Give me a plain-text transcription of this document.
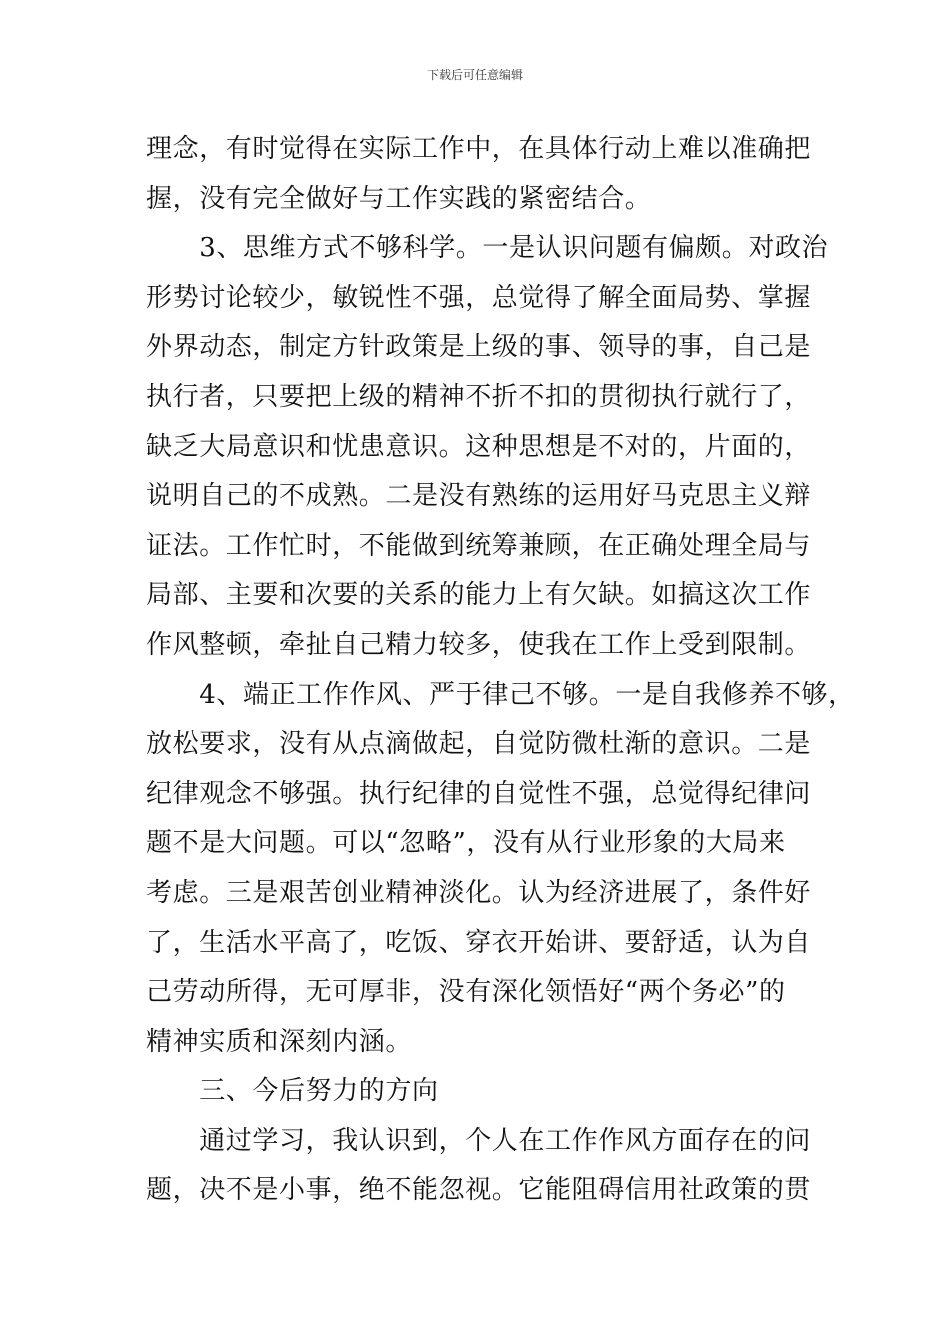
下载后可任意编辑
理念，有时觉得在实际工作中，在具体行动上难以准确把
握，没有完全做好与工作实践的紧密结合。
　　3、思维方式不够科学。一是认识问题有偏颇。对政治
形势讨论较少，敏锐性不强，总觉得了解全面局势、掌握
外界动态，制定方针政策是上级的事、领导的事，自己是
执行者，只要把上级的精神不折不扣的贯彻执行就行了，
缺乏大局意识和忧患意识。这种思想是不对的，片面的，
说明自己的不成熟。二是没有熟练的运用好马克思主义辩
证法。工作忙时，不能做到统筹兼顾，在正确处理全局与
局部、主要和次要的关系的能力上有欠缺。如搞这次工作
作风整顿，牵扯自己精力较多，使我在工作上受到限制。
　　4、端正工作作风、严于律己不够。一是自我修养不够，
放松要求，没有从点滴做起，自觉防微杜渐的意识。二是
纪律观念不够强。执行纪律的自觉性不强，总觉得纪律问
题不是大问题。可以“忽略”，没有从行业形象的大局来
考虑。三是艰苦创业精神淡化。认为经济进展了，条件好
了，生活水平高了，吃饭、穿衣开始讲、要舒适，认为自
己劳动所得，无可厚非，没有深化领悟好“两个务必”的
精神实质和深刻内涵。
　　三、今后努力的方向
　　通过学习，我认识到，个人在工作作风方面存在的问
题，决不是小事，绝不能忽视。它能阻碍信用社政策的贯
